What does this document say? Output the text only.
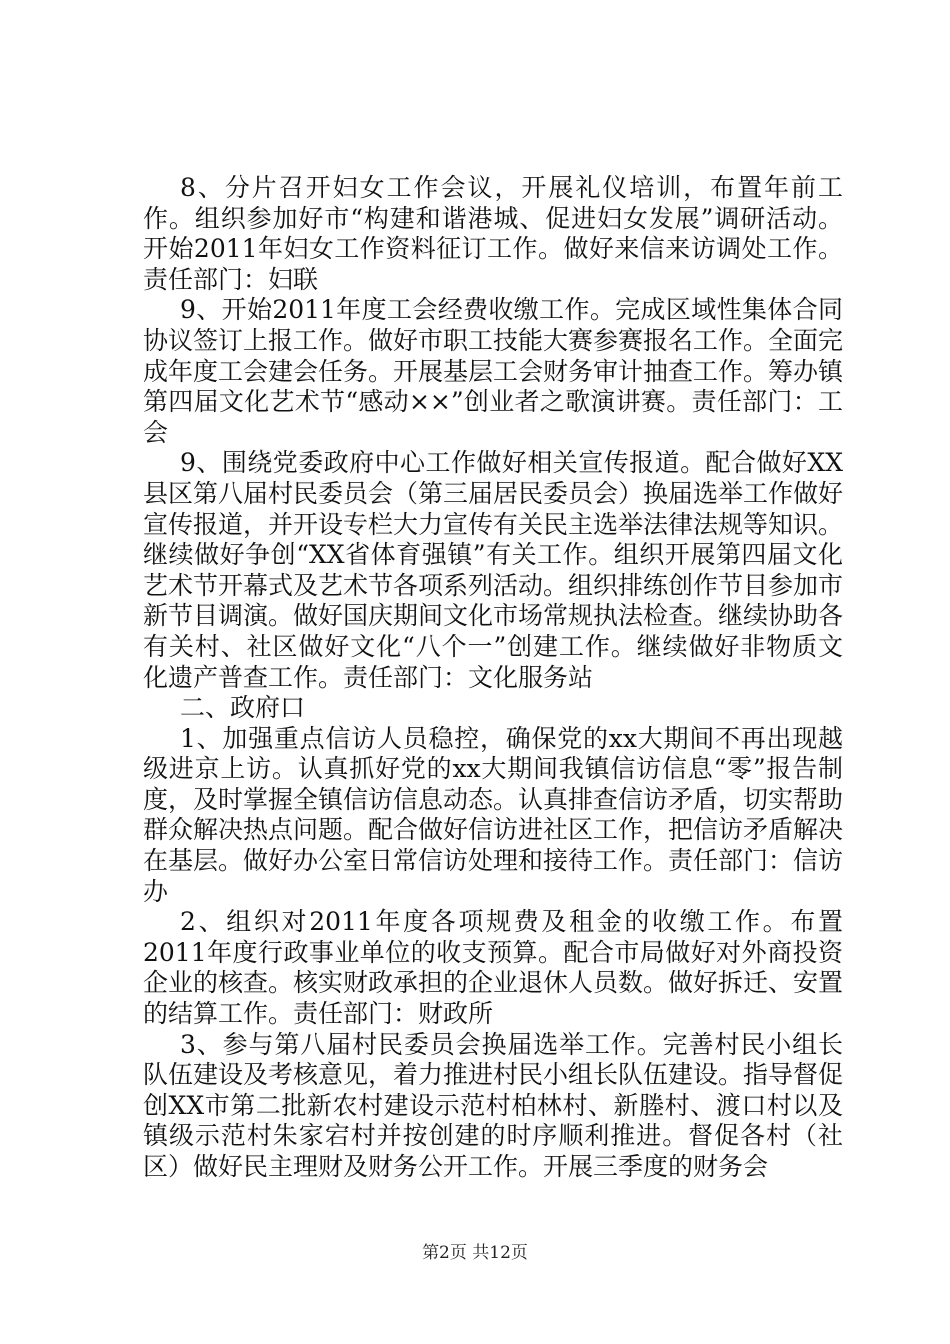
8、分片召开妇女工作会议，开展礼仪培训，布置年前工作。组织参加好市“构建和谐港城、促进妇女发展”调研活动。开始2011年妇女工作资料征订工作。做好来信来访调处工作。责任部门：妇联

9、开始2011年度工会经费收缴工作。完成区域性集体合同协议签订上报工作。做好市职工技能大赛参赛报名工作。全面完成年度工会建会任务。开展基层工会财务审计抽查工作。筹办镇第四届文化艺术节“感动××”创业者之歌演讲赛。责任部门：工会

9、围绕党委政府中心工作做好相关宣传报道。配合做好XX县区第八届村民委员会（第三届居民委员会）换届选举工作做好宣传报道，并开设专栏大力宣传有关民主选举法律法规等知识。继续做好争创“XX省体育强镇”有关工作。组织开展第四届文化艺术节开幕式及艺术节各项系列活动。组织排练创作节目参加市新节目调演。做好国庆期间文化市场常规执法检查。继续协助各有关村、社区做好文化“八个一”创建工作。继续做好非物质文化遗产普查工作。责任部门：文化服务站

二、政府口

1、加强重点信访人员稳控，确保党的xx大期间不再出现越级进京上访。认真抓好党的xx大期间我镇信访信息“零”报告制度，及时掌握全镇信访信息动态。认真排查信访矛盾，切实帮助群众解决热点问题。配合做好信访进社区工作，把信访矛盾解决在基层。做好办公室日常信访处理和接待工作。责任部门：信访办

2、组织对2011年度各项规费及租金的收缴工作。布置2011年度行政事业单位的收支预算。配合市局做好对外商投资企业的核查。核实财政承担的企业退休人员数。做好拆迁、安置的结算工作。责任部门：财政所

3、参与第八届村民委员会换届选举工作。完善村民小组长队伍建设及考核意见，着力推进村民小组长队伍建设。指导督促创XX市第二批新农村建设示范村柏林村、新塍村、渡口村以及镇级示范村朱家宕村并按创建的时序顺利推进。督促各村（社区）做好民主理财及财务公开工作。开展三季度的财务会

第2页 共12页
